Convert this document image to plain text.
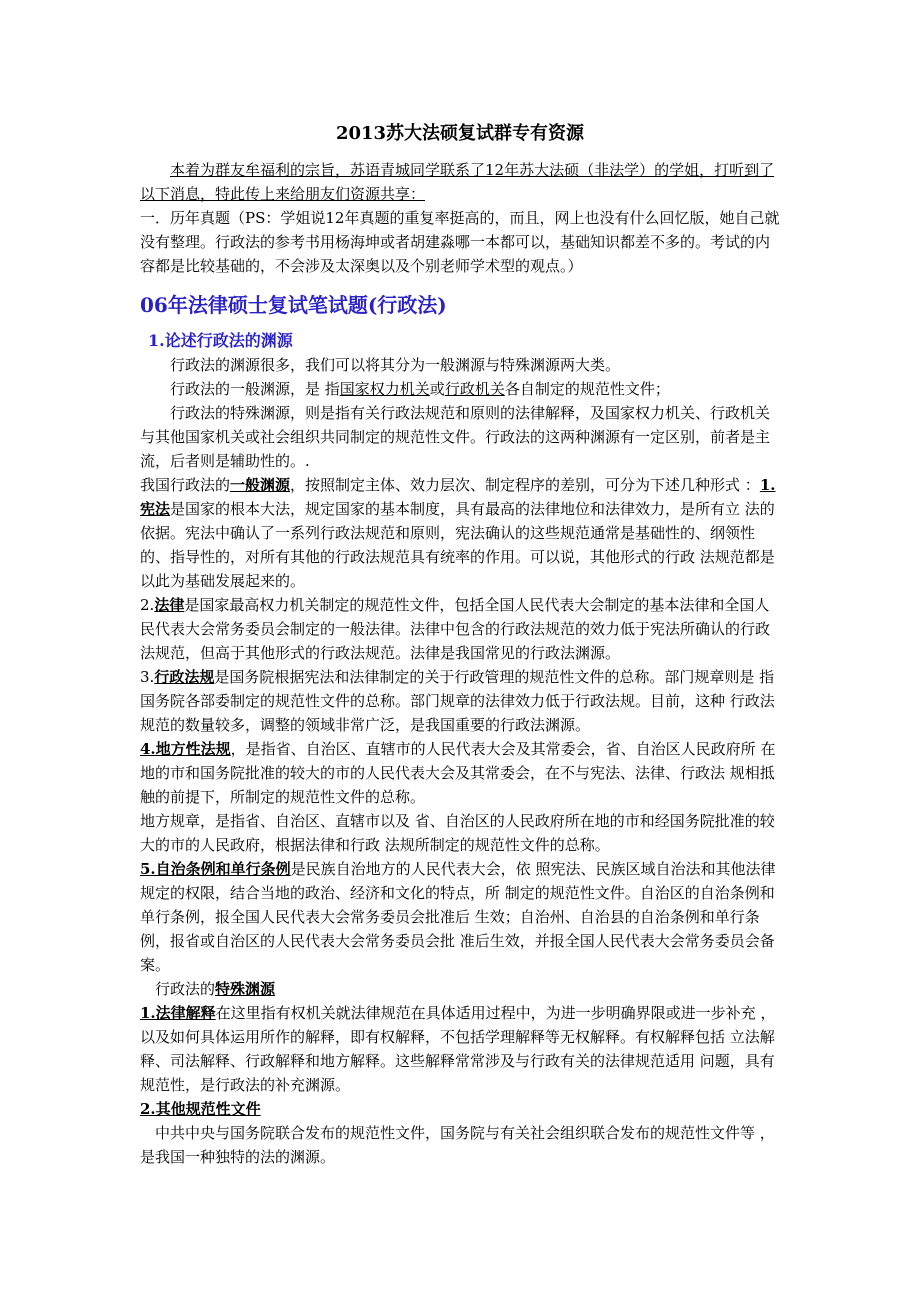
2013苏大法硕复试群专有资源

本着为群友牟福利的宗旨，苏语青城同学联系了12年苏大法硕（非法学）的学姐，打听到了以下消息，特此传上来给朋友们资源共享：

一．历年真题（PS：学姐说12年真题的重复率挺高的，而且，网上也没有什么回忆版，她自己就没有整理。行政法的参考书用杨海坤或者胡建淼哪一本都可以，基础知识都差不多的。考试的内容都是比较基础的，不会涉及太深奥以及个别老师学术型的观点。）

06年法律硕士复试笔试题(行政法)
1.论述行政法的渊源

行政法的渊源很多，我们可以将其分为一般渊源与特殊渊源两大类。

行政法的一般渊源，是 指国家权力机关或行政机关各自制定的规范性文件；

行政法的特殊渊源，则是指有关行政法规范和原则的法律解释，及国家权力机关、行政机关与其他国家机关或社会组织共同制定的规范性文件。行政法的这两种渊源有一定区别，前者是主流，后者则是辅助性的。.

我国行政法的一般渊源，按照制定主体、效力层次、制定程序的差别，可分为下述几种形式 ：1. 宪法是国家的根本大法，规定国家的基本制度，具有最高的法律地位和法律效力，是所有立 法的依据。宪法中确认了一系列行政法规范和原则，宪法确认的这些规范通常是基础性的、纲领性的、指导性的，对所有其他的行政法规范具有统率的作用。可以说，其他形式的行政 法规范都是以此为基础发展起来的。

2.法律是国家最高权力机关制定的规范性文件，包括全国人民代表大会制定的基本法律和全国人民代表大会常务委员会制定的一般法律。法律中包含的行政法规范的效力低于宪法所确认的行政法规范，但高于其他形式的行政法规范。法律是我国常见的行政法渊源。

3.行政法规是国务院根据宪法和法律制定的关于行政管理的规范性文件的总称。部门规章则是 指国务院各部委制定的规范性文件的总称。部门规章的法律效力低于行政法规。目前，这种 行政法规范的数量较多，调整的领域非常广泛，是我国重要的行政法渊源。

4.地方性法规，是指省、自治区、直辖市的人民代表大会及其常委会，省、自治区人民政府所 在地的市和国务院批准的较大的市的人民代表大会及其常委会，在不与宪法、法律、行政法 规相抵触的前提下，所制定的规范性文件的总称。

地方规章，是指省、自治区、直辖市以及 省、自治区的人民政府所在地的市和经国务院批准的较大的市的人民政府，根据法律和行政 法规所制定的规范性文件的总称。

5.自治条例和单行条例是民族自治地方的人民代表大会，依 照宪法、民族区域自治法和其他法律规定的权限，结合当地的政治、经济和文化的特点，所 制定的规范性文件。自治区的自治条例和单行条例，报全国人民代表大会常务委员会批准后 生效；自治州、自治县的自治条例和单行条例，报省或自治区的人民代表大会常务委员会批 准后生效，并报全国人民代表大会常务委员会备案。

行政法的特殊渊源

1.法律解释在这里指有权机关就法律规范在具体适用过程中，为进一步明确界限或进一步补充 ，以及如何具体运用所作的解释，即有权解释，不包括学理解释等无权解释。有权解释包括 立法解释、司法解释、行政解释和地方解释。这些解释常常涉及与行政有关的法律规范适用 问题，具有规范性，是行政法的补充渊源。

2.其他规范性文件

中共中央与国务院联合发布的规范性文件，国务院与有关社会组织联合发布的规范性文件等 ，是我国一种独特的法的渊源。
